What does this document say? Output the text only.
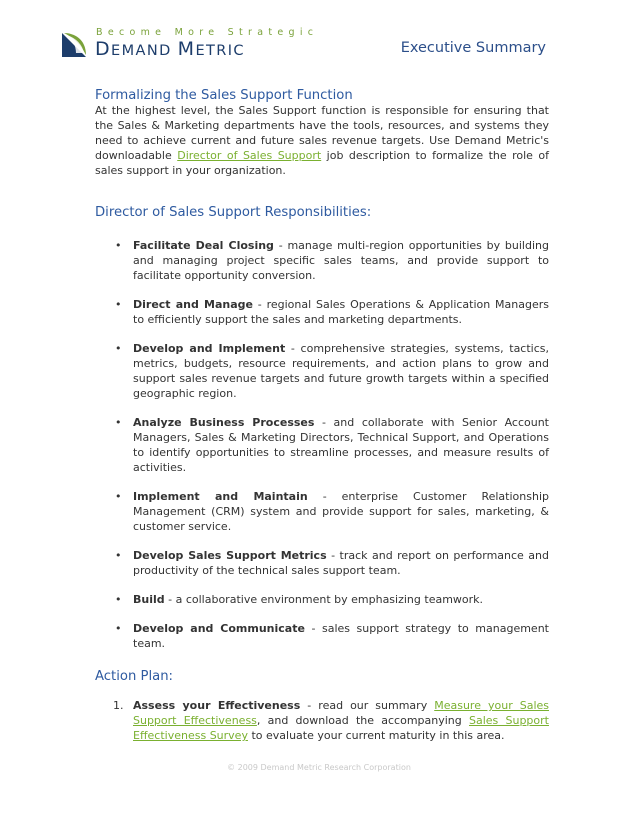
Become More Strategic
DEMAND METRIC	Executive Summary
Formalizing the Sales Support Function

At the highest level, the Sales Support function is responsible for ensuring that the Sales & Marketing departments have the tools, resources, and systems they need to achieve current and future sales revenue targets. Use Demand Metric's downloadable Director of Sales Support job description to formalize the role of sales support in your organization.

Director of Sales Support Responsibilities:
• Facilitate Deal Closing - manage multi-region opportunities by building and managing project specific sales teams, and provide support to facilitate opportunity conversion.
• Direct and Manage - regional Sales Operations & Application Managers to efficiently support the sales and marketing departments.
• Develop and Implement - comprehensive strategies, systems, tactics, metrics, budgets, resource requirements, and action plans to grow and support sales revenue targets and future growth targets within a specified geographic region.
• Analyze Business Processes - and collaborate with Senior Account Managers, Sales & Marketing Directors, Technical Support, and Operations to identify opportunities to streamline processes, and measure results of activities.
• Implement and Maintain - enterprise Customer Relationship Management (CRM) system and provide support for sales, marketing, & customer service.
• Develop Sales Support Metrics - track and report on performance and productivity of the technical sales support team.
• Build - a collaborative environment by emphasizing teamwork.
• Develop and Communicate - sales support strategy to management team.
Action Plan:
1. Assess your Effectiveness - read our summary Measure your Sales Support Effectiveness, and download the accompanying Sales Support Effectiveness Survey to evaluate your current maturity in this area.
© 2009 Demand Metric Research Corporation
